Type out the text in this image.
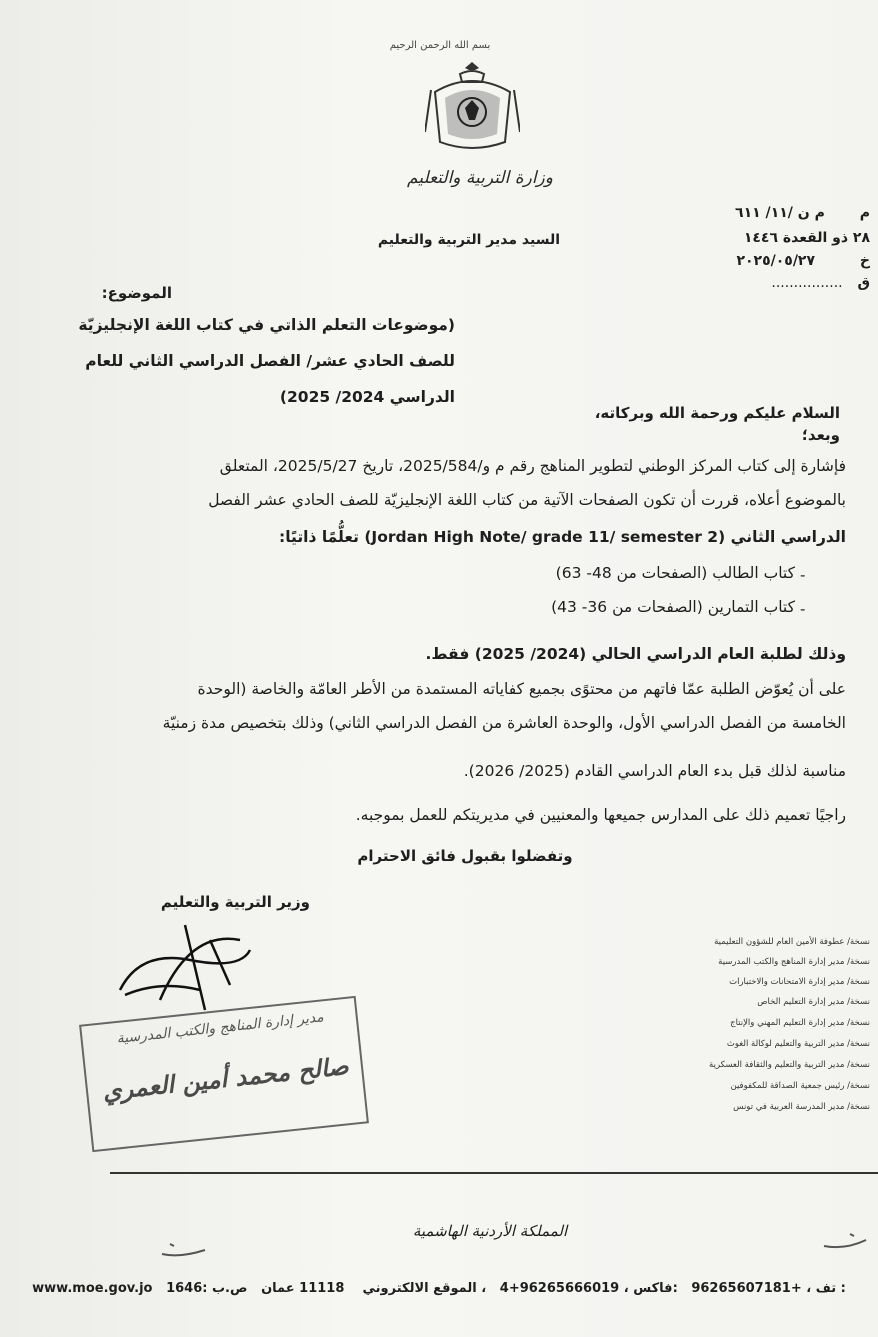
بسم الله الرحمن الرحيم
وزارة التربية والتعليم
م م ن /١١/ ٦١١
٢٨ ذو القعدة ١٤٤٦
خ ٢٠٢٥/٠٥/٢٧
ق ................
السيد مدير التربية والتعليم
الموضوع:
(موضوعات التعلم الذاتي في كتاب اللغة الإنجليزيّة
للصف الحادي عشر/ الفصل الدراسي الثاني للعام
الدراسي 2024/ 2025)
السلام عليكم ورحمة الله وبركاته،
وبعد؛
فإشارة إلى كتاب المركز الوطني لتطوير المناهج رقم م و/2025/584، تاريخ 2025/5/27، المتعلق
بالموضوع أعلاه، قررت أن تكون الصفحات الآتية من كتاب اللغة الإنجليزيّة للصف الحادي عشر الفصل
الدراسي الثاني (Jordan High Note/ grade 11/ semester 2) تعلُّمًا ذاتيًا:
-
كتاب الطالب (الصفحات من 48- 63)
-
كتاب التمارين (الصفحات من 36- 43)
وذلك لطلبة العام الدراسي الحالي (2024/ 2025) فقط.
على أن يُعوّض الطلبة عمّا فاتهم من محتوًى بجميع كفاياته المستمدة من الأطر العامّة والخاصة (الوحدة
الخامسة من الفصل الدراسي الأول، والوحدة العاشرة من الفصل الدراسي الثاني) وذلك بتخصيص مدة زمنيّة
مناسبة لذلك قبل بدء العام الدراسي القادم (2025/ 2026).
راجيًا تعميم ذلك على المدارس جميعها والمعنيين في مديريتكم للعمل بموجبه.
وتفضلوا بقبول فائق الاحترام
وزير التربية والتعليم
نسخة/ عطوفة الأمين العام للشؤون التعليمية
نسخة/ مدير إدارة المناهج والكتب المدرسية
نسخة/ مدير إدارة الامتحانات والاختبارات
نسخة/ مدير إدارة التعليم الخاص
نسخة/ مدير إدارة التعليم المهني والإنتاج
نسخة/ مدير التربية والتعليم لوكالة الغوث
نسخة/ مدير التربية والتعليم والثقافة العسكرية
نسخة/ رئيس جمعية الصداقة للمكفوفين
نسخة/ مدير المدرسة العربية في تونس
مدير إدارة المناهج والكتب المدرسية
صالح محمد أمين العمري
المملكة الأردنية الهاشمية
www.moe.gov.jo	الموقع الالكتروني    11118 عمان   ص.ب :1646 ، 4+96265666019 ، فاكس: 96265607181+ ، تف :
